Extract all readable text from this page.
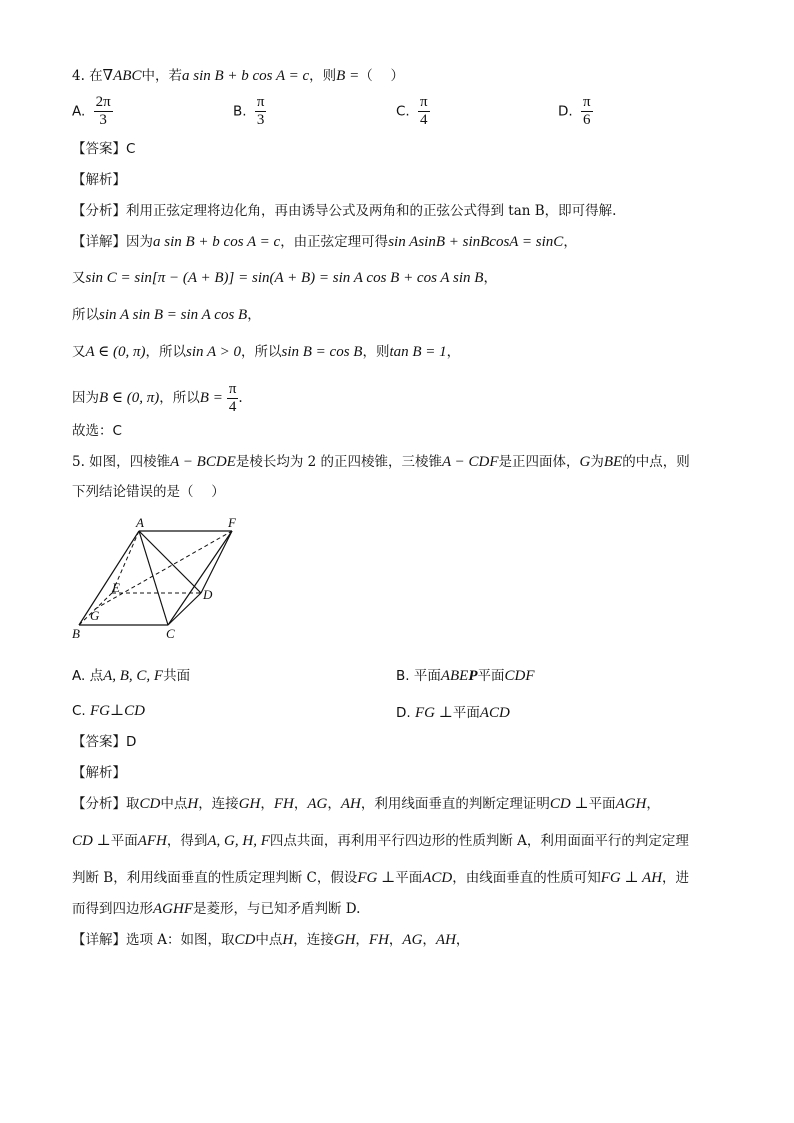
4. 在∇ABC中，若a sin B + b cos A = c，则B =（　 ）
A. $\frac{2\pi}{3}$	B. $\frac{\pi}{3}$	C. $\frac{\pi}{4}$	D. $\frac{\pi}{6}$
【答案】C
【解析】
【分析】利用正弦定理将边化角，再由诱导公式及两角和的正弦公式得到 tan B，即可得解.
【详解】因为a sin B + b cos A = c，由正弦定理可得sin AsinB + sinBcosA = sinC，
又sin C = sin[π − (A + B)] = sin(A + B) = sin A cos B + cos A sin B，
所以sin A sin B = sin A cos B，
又A ∈ (0, π)，所以sin A > 0，所以sin B = cos B，则tan B = 1，
因为B ∈ (0, π)，所以$B = \frac{\pi}{4}$ .
故选：C
5. 如图，四棱锥A − BCDE是棱长均为 2 的正四棱锥，三棱锥A − CDF是正四面体，G为BE的中点，则
下列结论错误的是（　 ）
A	F
E	D
G
B	C
A. 点A, B, C, F共面	B. 平面ABEP平面CDF
C. FG⊥CD	D. FG ⊥平面ACD
【答案】D
【解析】
【分析】取CD中点H，连接GH，FH，AG，AH，利用线面垂直的判断定理证明CD ⊥平面AGH，
CD ⊥平面AFH，得到A, G, H, F四点共面，再利用平行四边形的性质判断 A，利用面面平行的判定定理
判断 B，利用线面垂直的性质定理判断 C，假设FG ⊥平面ACD，由线面垂直的性质可知FG ⊥ AH，进
而得到四边形AGHF是菱形，与已知矛盾判断 D.
【详解】选项 A：如图，取CD中点H，连接GH，FH，AG，AH，
